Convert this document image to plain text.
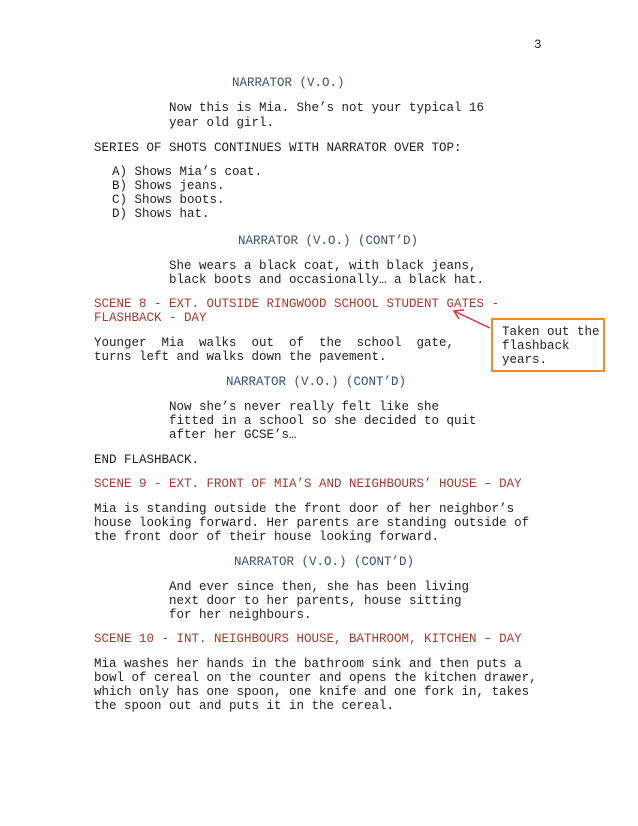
3
NARRATOR (V.O.)
Now this is Mia. She’s not your typical 16
year old girl.
SERIES OF SHOTS CONTINUES WITH NARRATOR OVER TOP:
A) Shows Mia’s coat.
B) Shows jeans.
C) Shows boots.
D) Shows hat.
NARRATOR (V.O.) (CONT’D)
She wears a black coat, with black jeans,
black boots and occasionally… a black hat.
SCENE 8 - EXT. OUTSIDE RINGWOOD SCHOOL STUDENT GATES -
FLASHBACK - DAY
Younger  Mia  walks  out  of  the  school  gate,
turns left and walks down the pavement.
NARRATOR (V.O.) (CONT’D)
Now she’s never really felt like she
fitted in a school so she decided to quit
after her GCSE’s…
END FLASHBACK.
SCENE 9 - EXT. FRONT OF MIA’S AND NEIGHBOURS’ HOUSE – DAY
Mia is standing outside the front door of her neighbor’s
house looking forward. Her parents are standing outside of
the front door of their house looking forward.
NARRATOR (V.O.) (CONT’D)
And ever since then, she has been living
next door to her parents, house sitting
for her neighbours.
SCENE 10 - INT. NEIGHBOURS HOUSE, BATHROOM, KITCHEN – DAY
Mia washes her hands in the bathroom sink and then puts a
bowl of cereal on the counter and opens the kitchen drawer,
which only has one spoon, one knife and one fork in, takes
the spoon out and puts it in the cereal.
Taken out the
flashback
years.
